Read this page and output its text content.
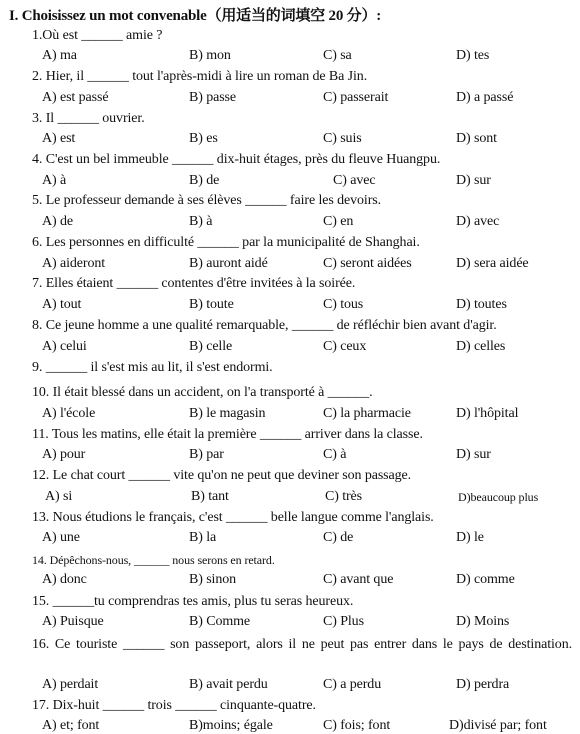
I. Choisissez un mot convenable（用适当的词填空 20 分）:
1.Où est ______ amie ?
A) ma	B) mon	C) sa	D) tes
2. Hier, il ______ tout l'après-midi à lire un roman de Ba Jin.
A) est passé	B) passe	C) passerait	D) a passé
3. Il ______ ouvrier.
A) est	B) es	C) suis	D) sont
4. C'est un bel immeuble ______ dix-huit étages, près du fleuve Huangpu.
A) à	B) de	C) avec	D) sur
5. Le professeur demande à ses élèves ______ faire les devoirs.
A) de	B) à	C) en	D) avec
6. Les personnes en difficulté ______ par la municipalité de Shanghai.
A) aideront	B) auront aidé	C) seront aidées	D) sera aidée
7. Elles étaient ______ contentes d'être invitées à la soirée.
A) tout	B) toute	C) tous	D) toutes
8. Ce jeune homme a une qualité remarquable, ______ de réfléchir bien avant d'agir.
A) celui	B) celle	C) ceux	D) celles
9. ______ il s'est mis au lit, il s'est endormi.
10. Il était blessé dans un accident, on l'a transporté à ______.
A) l'école	B) le magasin	C) la pharmacie	D) l'hôpital
11. Tous les matins, elle était la première ______ arriver dans la classe.
A) pour	B) par	C) à	D) sur
12. Le chat court ______ vite qu'on ne peut que deviner son passage.
A) si	B) tant	C) très	D)beaucoup plus
13. Nous étudions le français, c'est ______ belle langue comme l'anglais.
A) une	B) la	C) de	D) le
14. Dépêchons-nous, ______ nous serons en retard.
A) donc	B) sinon	C) avant que	D) comme
15. ______tu comprendras tes amis, plus tu seras heureux.
A) Puisque	B) Comme	C) Plus	D) Moins
16. Ce touriste ______ son passeport, alors il ne peut pas entrer dans le pays de destination.
A) perdait	B) avait perdu	C) a perdu	D) perdra
17. Dix-huit ______ trois ______ cinquante-quatre.
A) et; font	B)moins; égale	C) fois; font	D)divisé par; font
